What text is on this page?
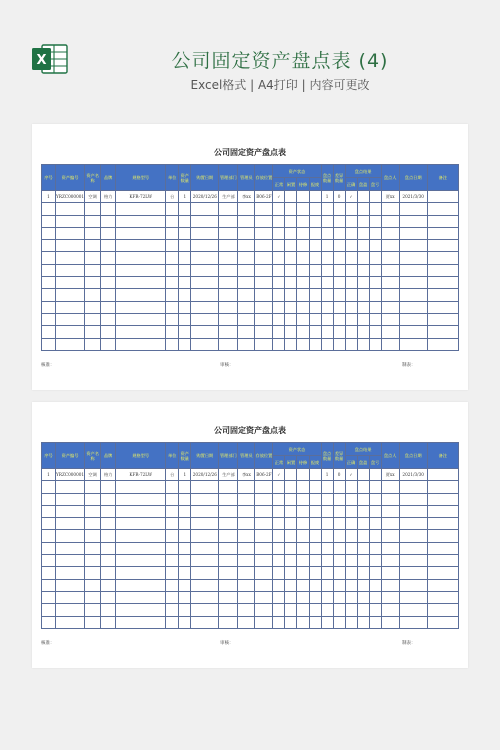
X	公司固定资产盘点表 (4)
Excel格式 | A4打印 | 内容可更改
公司固定资产盘点表
序号	资产编号	资产名称	品牌	规格型号	单位	资产数量	购置日期	管理部门	管理员	存放位置	资产状态				盘点数量	差异数量	盘点结果			盘点人	盘点日期	备注
											正常	闲置	待修	报废			正确	盘盈	盘亏			
1	YRZC000001	空调	格力	KFR-72LW	台	1	2020/12/26	生产部	李xx	B06-2F	✓				1	0	✓			贾xx	2021/3/30	

核准：	审核：	制表：
公司固定资产盘点表
序号	资产编号	资产名称	品牌	规格型号	单位	资产数量	购置日期	管理部门	管理员	存放位置	资产状态				盘点数量	差异数量	盘点结果			盘点人	盘点日期	备注
											正常	闲置	待修	报废			正确	盘盈	盘亏			
1	YRZC000001	空调	格力	KFR-72LW	台	1	2020/12/26	生产部	李xx	B06-2F	✓				1	0	✓			贾xx	2021/3/30	

核准：	审核：	制表：
